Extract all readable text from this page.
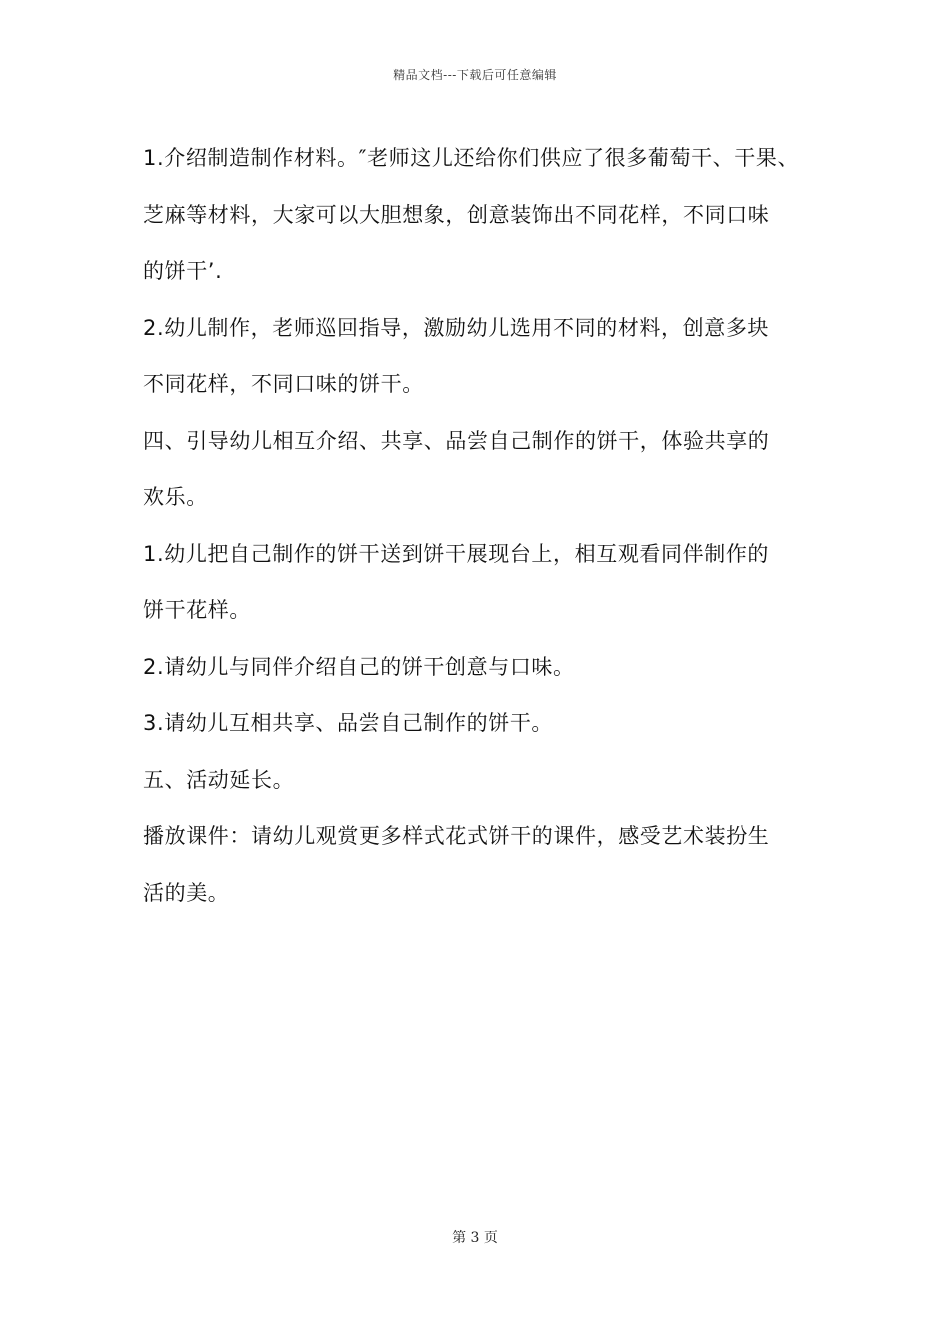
精品文档---下载后可任意编辑
1.介绍制造制作材料。″老师这儿还给你们供应了很多葡萄干、干果、
芝麻等材料，大家可以大胆想象，创意装饰出不同花样，不同口味
的饼干’.
2.幼儿制作，老师巡回指导，激励幼儿选用不同的材料，创意多块
不同花样，不同口味的饼干。
四、引导幼儿相互介绍、共享、品尝自己制作的饼干，体验共享的
欢乐。
1.幼儿把自己制作的饼干送到饼干展现台上，相互观看同伴制作的
饼干花样。
2.请幼儿与同伴介绍自己的饼干创意与口味。
3.请幼儿互相共享、品尝自己制作的饼干。
五、活动延长。
播放课件：请幼儿观赏更多样式花式饼干的课件，感受艺术装扮生
活的美。
第 3 页
